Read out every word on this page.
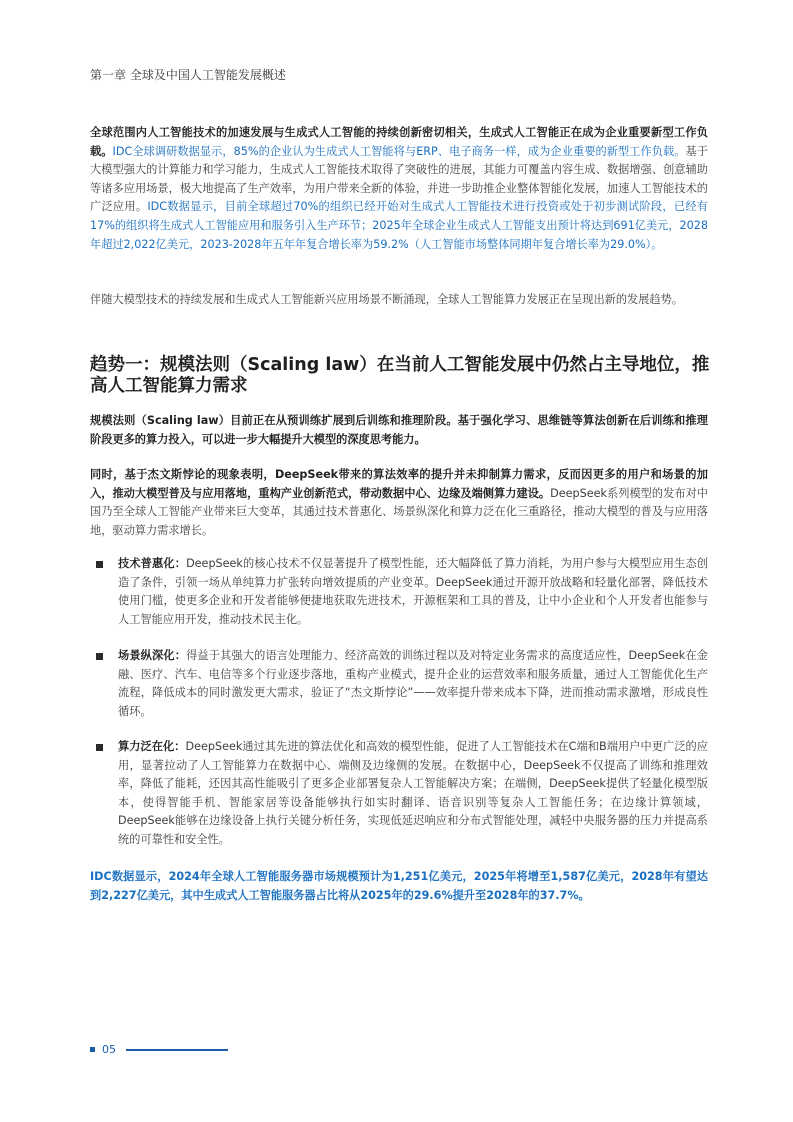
第一章 全球及中国人工智能发展概述

全球范围内人工智能技术的加速发展与生成式人工智能的持续创新密切相关，生成式人工智能正在成为企业重要新型工作负载。IDC全球调研数据显示，85%的企业认为生成式人工智能将与ERP、电子商务一样，成为企业重要的新型工作负载。基于大模型强大的计算能力和学习能力，生成式人工智能技术取得了突破性的进展，其能力可覆盖内容生成、数据增强、创意辅助等诸多应用场景，极大地提高了生产效率，为用户带来全新的体验，并进一步助推企业整体智能化发展，加速人工智能技术的广泛应用。IDC数据显示，目前全球超过70%的组织已经开始对生成式人工智能技术进行投资或处于初步测试阶段，已经有17%的组织将生成式人工智能应用和服务引入生产环节；2025年全球企业生成式人工智能支出预计将达到691亿美元，2028年超过2,022亿美元，2023-2028年五年年复合增长率为59.2%（人工智能市场整体同期年复合增长率为29.0%）。

伴随大模型技术的持续发展和生成式人工智能新兴应用场景不断涌现，全球人工智能算力发展正在呈现出新的发展趋势。

趋势一：规模法则（Scaling law）在当前人工智能发展中仍然占主导地位，推高人工智能算力需求

规模法则（Scaling law）目前正在从预训练扩展到后训练和推理阶段。基于强化学习、思维链等算法创新在后训练和推理阶段更多的算力投入，可以进一步大幅提升大模型的深度思考能力。

同时，基于杰文斯悖论的现象表明，DeepSeek带来的算法效率的提升并未抑制算力需求，反而因更多的用户和场景的加入，推动大模型普及与应用落地，重构产业创新范式，带动数据中心、边缘及端侧算力建设。DeepSeek系列模型的发布对中国乃至全球人工智能产业带来巨大变革，其通过技术普惠化、场景纵深化和算力泛在化三重路径，推动大模型的普及与应用落地，驱动算力需求增长。

技术普惠化：DeepSeek的核心技术不仅显著提升了模型性能，还大幅降低了算力消耗，为用户参与大模型应用生态创造了条件，引领一场从单纯算力扩张转向增效提质的产业变革。DeepSeek通过开源开放战略和轻量化部署，降低技术使用门槛，使更多企业和开发者能够便捷地获取先进技术，开源框架和工具的普及，让中小企业和个人开发者也能参与人工智能应用开发，推动技术民主化。

场景纵深化：得益于其强大的语言处理能力、经济高效的训练过程以及对特定业务需求的高度适应性，DeepSeek在金融、医疗、汽车、电信等多个行业逐步落地，重构产业模式，提升企业的运营效率和服务质量，通过人工智能优化生产流程，降低成本的同时激发更大需求，验证了“杰文斯悖论”——效率提升带来成本下降，进而推动需求激增，形成良性循环。

算力泛在化：DeepSeek通过其先进的算法优化和高效的模型性能，促进了人工智能技术在C端和B端用户中更广泛的应用，显著拉动了人工智能算力在数据中心、端侧及边缘侧的发展。在数据中心，DeepSeek不仅提高了训练和推理效率，降低了能耗，还因其高性能吸引了更多企业部署复杂人工智能解决方案；在端侧，DeepSeek提供了轻量化模型版本，使得智能手机、智能家居等设备能够执行如实时翻译、语音识别等复杂人工智能任务；在边缘计算领域，DeepSeek能够在边缘设备上执行关键分析任务，实现低延迟响应和分布式智能处理，减轻中央服务器的压力并提高系统的可靠性和安全性。

IDC数据显示，2024年全球人工智能服务器市场规模预计为1,251亿美元，2025年将增至1,587亿美元，2028年有望达到2,227亿美元，其中生成式人工智能服务器占比将从2025年的29.6%提升至2028年的37.7%。

05
